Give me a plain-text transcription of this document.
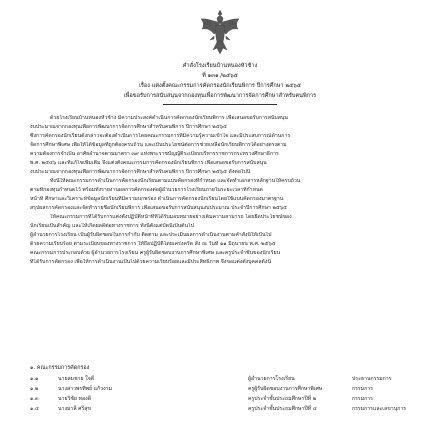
คำสั่งโรงเรียนบ้านหนองหัวช้าง
ที่ ๑๓๑ /๒๕๖๕
เรื่อง แต่งตั้งคณะกรรมการคัดกรองนักเรียนพิการ ปีการศึกษา ๒๕๖๕
เพื่อขอรับการสนับสนุนจากกองทุนเพื่อการพัฒนาการจัดการศึกษาสำหรับคนพิการ
ด้วยโรงเรียนบ้านหนองหัวช้าง มีความประสงค์ดำเนินการคัดกรองนักเรียนพิการ เพื่อเสนอขอรับการสนับสนุน
งบประมาณจากกองทุนเพื่อการพัฒนาการจัดการศึกษาสำหรับคนพิการ ปีการศึกษา ๒๕๖๕
ซึ่งการคัดกรองนักเรียนดังกล่าวจะต้องดำเนินการโดยคณะกรรมการที่มีความรู้ความเข้าใจ และมีประสบการณ์ด้านการ
จัดการศึกษาพิเศษ เพื่อให้ได้ข้อมูลที่ถูกต้องครบถ้วน และเป็นประโยชน์ต่อการช่วยเหลือนักเรียนพิการได้อย่างตรงตาม
ความต้องการจำเป็น อาศัยอำนาจตามมาตรา ๓๙ แห่งพระราชบัญญัติระเบียบบริหารราชการกระทรวงศึกษาธิการ
พ.ศ. ๒๕๔๖ และที่แก้ไขเพิ่มเติม จึงแต่งตั้งคณะกรรมการคัดกรองนักเรียนพิการ เพื่อเสนอขอรับการสนับสนุน
งบประมาณจากกองทุนเพื่อการพัฒนาการจัดการศึกษาสำหรับคนพิการ ปีการศึกษา ๒๕๖๕ ดังต่อไปนี้
ทั้งนี้ให้คณะกรรมการดำเนินการคัดกรองนักเรียนตามแบบคัดกรองที่กำหนด และจัดทำเอกสารหลักฐานให้ครบถ้วน
ตามที่กองทุนกำหนดไว้ พร้อมทั้งรายงานผลการคัดกรองต่อผู้อำนวยการโรงเรียนภายในระยะเวลาที่กำหนด
หน้าที่ ศึกษาและวิเคราะห์ข้อมูลนักเรียนที่มีความบกพร่อง ดำเนินการคัดกรองนักเรียนโดยใช้แบบคัดกรองมาตรฐาน
สรุปผลการคัดกรองและจัดทำรายชื่อนักเรียนพิการ เพื่อเสนอขอรับการสนับสนุนงบประมาณ ประจำปีการศึกษา ๒๕๖๕
ให้คณะกรรมการที่ได้รับการแต่งตั้งปฏิบัติหน้าที่ที่ได้รับมอบหมายอย่างเต็มความสามารถ โดยยึดประโยชน์ของ
นักเรียนเป็นสำคัญ และให้เกิดผลดีต่อทางราชการ ทั้งนี้ตั้งแต่บัดนี้เป็นต้นไป
ผู้อำนวยการโรงเรียน เป็นผู้รับผิดชอบในการกำกับ ติดตาม และประเมินผลการดำเนินงานตามคำสั่งนี้ให้เป็นไป
ด้วยความเรียบร้อย ตามระเบียบของทางราชการ ให้ถือปฏิบัติโดยเคร่งครัด สั่ง ณ วันที่ ๑๑ มิถุนายน พ.ศ. ๒๕๖๕
คณะกรรมการประกอบด้วย ผู้อำนวยการโรงเรียน ครูผู้รับผิดชอบงานการศึกษาพิเศษ และครูประจำชั้นของนักเรียน
ที่ได้รับการคัดกรอง เพื่อให้การดำเนินงานเป็นไปด้วยความเรียบร้อยและมีประสิทธิภาพ จึงขอแต่งตั้งบุคคลดังนี้
๑. คณะกรรมการคัดกรอง
๑.๑	นายสมชาย ใจดี	ผู้อำนวยการโรงเรียน	ประธานกรรมการ
๑.๒	นางสาวพรทิพย์ แก้วงาม	ครูผู้รับผิดชอบงานการศึกษาพิเศษ	กรรมการ
๑.๓	นายวิชัย ทองดี	ครูประจำชั้นประถมศึกษาปีที่ ๒	กรรมการ
๑.๔	นางมาลี ศรีสุข	ครูประจำชั้นประถมศึกษาปีที่ ๔	กรรมการและเลขานุการ
